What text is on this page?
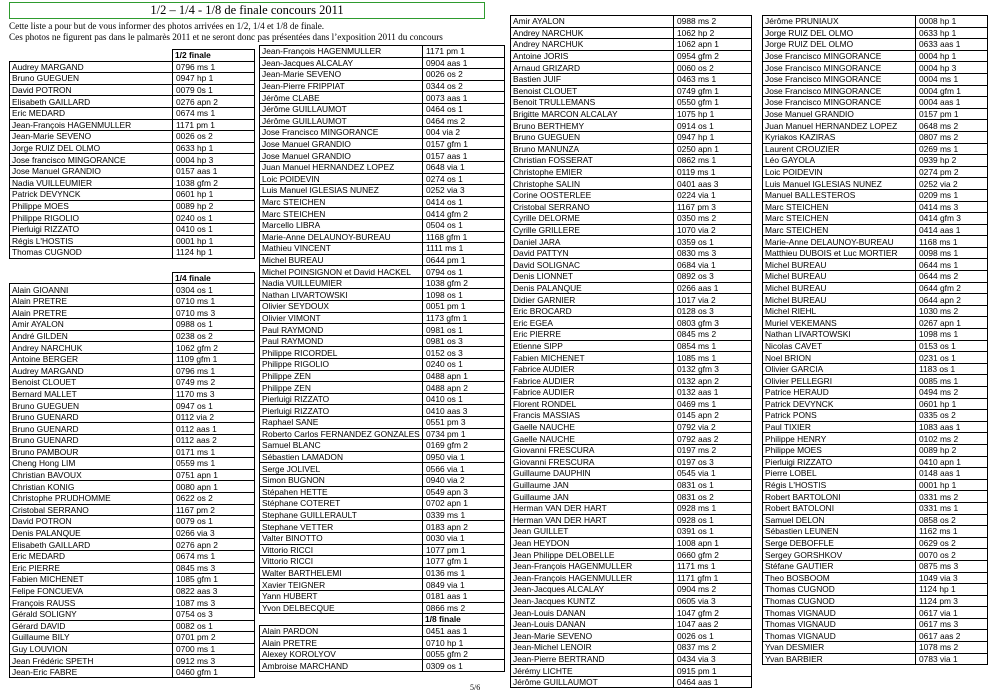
1/2 – 1/4 - 1/8 de finale concours 2011
Cette liste a pour but de vous informer des photos arrivées en 1/2, 1/4 et 1/8 de finale.
Ces photos ne figurent pas dans le palmarès 2011 et ne seront donc pas présentées dans l’exposition 2011 du concours
	1/2 finale
Audrey MARGAND	0796 ms 1
Bruno GUEGUEN	0947 hp 1
David POTRON	0079 0s 1
Elisabeth GAILLARD	0276 apn 2
Eric MEDARD	0674 ms 1
Jean-François HAGENMULLER	1171 pm 1
Jean-Marie SEVENO	0026 os 2
Jorge RUIZ DEL OLMO	0633 hp 1
Jose francisco MINGORANCE	0004 hp 3
Jose Manuel GRANDIO	0157 aas 1
Nadia VUILLEUMIER	1038 gfm 2
Patrick DEVYNCK	0601 hp 1
Philippe MOES	0089 hp 2
Philippe RIGOLIO	0240 os 1
Pierluigi RIZZATO	0410 os 1
Régis L'HOSTIS	0001 hp 1
Thomas CUGNOD	1124 hp 1
	1/4 finale
Alain GIOANNI	0304 os 1
Alain PRETRE	0710 ms 1
Alain PRETRE	0710 ms 3
Amir AYALON	0988 os 1
André GILDEN	0238 os 2
Andrey NARCHUK	1062 gfm 2
Antoine BERGER	1109 gfm 1
Audrey MARGAND	0796 ms 1
Benoist CLOUET	0749 ms 2
Bernard MALLET	1170 ms 3
Bruno GUEGUEN	0947 os 1
Bruno GUENARD	0112 via 2
Bruno GUENARD	0112 aas 1
Bruno GUENARD	0112 aas 2
Bruno PAMBOUR	0171 ms 1
Cheng Hong LIM	0559 ms 1
Christian BAVOUX	0751 apn 1
Christian KONIG	0080 apn 1
Christophe PRUDHOMME	0622 os 2
Cristobal SERRANO	1167 pm 2
David POTRON	0079 os 1
Denis PALANQUE	0266 via 3
Elisabeth GAILLARD	0276 apn 2
Eric MEDARD	0674 ms 1
Eric PIERRE	0845 ms 3
Fabien MICHENET	1085 gfm 1
Felipe FONCUEVA	0822 aas 3
François RAUSS	1087 ms 3
Gérald SOLIGNY	0754 os 3
Gérard DAVID	0082 os 1
Guillaume BILY	0701 pm 2
Guy LOUVION	0700 ms 1
Jean Frédéric SPETH	0912 ms 3
Jean-Eric FABRE	0460 gfm 1
Jean-François HAGENMULLER	1171 pm 1
Jean-Jacques ALCALAY	0904 aas 1
Jean-Marie SEVENO	0026 os 2
Jean-Pierre FRIPPIAT	0344 os 2
Jérôme CLABE	0073 aas 1
Jérôme GUILLAUMOT	0464 os 1
Jérôme GUILLAUMOT	0464 ms 2
Jose Francisco MINGORANCE	004 via 2
Jose Manuel GRANDIO	0157 gfm 1
Jose Manuel GRANDIO	0157 aas 1
Juan Manuel HERNANDEZ LOPEZ	0648 via 1
Loic POIDEVIN	0274 os 1
Luis Manuel IGLESIAS NUNEZ	0252 via 3
Marc STEICHEN	0414 os 1
Marc STEICHEN	0414 gfm 2
Marcello LIBRA	0504 os 1
Marie-Anne DELAUNOY-BUREAU	1168 gfm 1
Mathieu VINCENT	1111 ms 1
Michel BUREAU	0644 pm 1
Michel POINSIGNON et David HACKEL	0794 os 1
Nadia VUILLEUMIER	1038 gfm 2
Nathan LIVARTOWSKI	1098 os 1
Olivier SEYDOUX	0051 pm 1
Olivier VIMONT	1173 gfm 1
Paul RAYMOND	0981 os 1
Paul RAYMOND	0981 os 3
Philippe RICORDEL	0152 os 3
Philippe RIGOLIO	0240 os 1
Philippe ZEN	0488 apn 1
Philippe ZEN	0488 apn 2
Pierluigi RIZZATO	0410 os 1
Pierluigi RIZZATO	0410 aas 3
Raphael SANE	0551 pm 3
Roberto Carlos FERNANDEZ GONZALES	0734 pm 1
Samuel BLANC	0169 gfm 2
Sébastien LAMADON	0950 via 1
Serge JOLIVEL	0566 via 1
Simon BUGNON	0940 via 2
Stépahen HETTE	0549 apn 3
Stéphane COTERET	0702 apn 1
Stephane GUILLERAULT	0339 ms 1
Stephane VETTER	0183 apn 2
Valter BINOTTO	0030 via 1
Vittorio RICCI	1077 pm 1
Vittorio RICCI	1077 gfm 1
Walter BARTHELEMI	0136 ms 1
Xavier TEIGNER	0849 via 1
Yann HUBERT	0181 aas 1
Yvon DELBECQUE	0866 ms 2
	1/8 finale
Alain PARDON	0451 aas 1
Alain PRETRE	0710 hp 1
Alexey KOROLYOV	0055 gfm 2
Ambroise MARCHAND	0309 os 1
Amir AYALON	0988 ms 2
Andrey NARCHUK	1062 hp 2
Andrey NARCHUK	1062 apn 1
Antoine JORIS	0954 gfm 2
Arnaud GRIZARD	0060 os 2
Bastien JUIF	0463 ms 1
Benoist CLOUET	0749 gfm 1
Benoit TRULLEMANS	0550 gfm 1
Brigitte MARCON ALCALAY	1075 hp 1
Bruno BERTHEMY	0914 os 1
Bruno GUEGUEN	0947 hp 1
Bruno MANUNZA	0250 apn 1
Christian FOSSERAT	0862 ms 1
Christophe EMIER	0119 ms 1
Christophe SALIN	0401 aas 3
Corine OOSTERLEE	0224 via 1
Cristobal SERRANO	1167 pm 3
Cyrille DELORME	0350 ms 2
Cyrille GRILLERE	1070 via 2
Daniel JARA	0359 os 1
David PATTYN	0830 ms 3
David SOLIGNAC	0684 via 1
Denis LIONNET	0892 os 3
Denis PALANQUE	0266 aas 1
Didier GARNIER	1017 via 2
Eric BROCARD	0128 os 3
Eric EGEA	0803 gfm 3
Eric PIERRE	0845 ms 2
Etienne SIPP	0854 ms 1
Fabien MICHENET	1085 ms 1
Fabrice AUDIER	0132 gfm 3
Fabrice AUDIER	0132 apn 2
Fabrice AUDIER	0132 aas 1
Florent RONDEL	0469 ms 1
Francis MASSIAS	0145 apn 2
Gaelle NAUCHE	0792 via 2
Gaelle NAUCHE	0792 aas 2
Giovanni FRESCURA	0197 ms 2
Giovanni FRESCURA	0197 os 3
Guillaume DAUPHIN	0545 via 1
Guillaume JAN	0831 os 1
Guillaume JAN	0831 os 2
Herman VAN DER HART	0928 ms 1
Herman VAN DER HART	0928 os 1
Jean GUILLET	0391 os 1
Jean HEYDON	1008 apn 1
Jean Philippe DELOBELLE	0660 gfm 2
Jean-François HAGENMULLER	1171 ms 1
Jean-François HAGENMULLER	1171 gfm 1
Jean-Jacques ALCALAY	0904 ms 2
Jean-Jacques KUNTZ	0605 via 3
Jean-Louis DANAN	1047 gfm 2
Jean-Louis DANAN	1047 aas 2
Jean-Marie SEVENO	0026 os 1
Jean-Michel LENOIR	0837 ms 2
Jean-Pierre BERTRAND	0434 via 3
Jérémy LICHTE	0915 pm 1
Jérôme GUILLAUMOT	0464 aas 1
Jérôme PRUNIAUX	0008 hp 1
Jorge RUIZ DEL OLMO	0633 hp 1
Jorge RUIZ DEL OLMO	0633 aas 1
Jose Francisco MINGORANCE	0004 hp 1
Jose Francisco MINGORANCE	0004 hp 3
Jose Francisco MINGORANCE	0004 ms 1
Jose Francisco MINGORANCE	0004 gfm 1
Jose Francisco MINGORANCE	0004 aas 1
Jose Manuel GRANDIO	0157 pm 1
Juan Manuel HERNANDEZ LOPEZ	0648 ms 2
Kyriakos KAZIRAS	0807 ms 2
Laurent CROUZIER	0269 ms 1
Léo GAYOLA	0939 hp 2
Loic POIDEVIN	0274 pm 2
Luis Manuel IGLESIAS NUNEZ	0252 via 2
Manuel BALLESTEROS	0209 ms 1
Marc STEICHEN	0414 ms 3
Marc STEICHEN	0414 gfm 3
Marc STEICHEN	0414 aas 1
Marie-Anne DELAUNOY-BUREAU	1168 ms 1
Matthieu DUBOIS et Luc MORTIER	0098 ms 1
Michel BUREAU	0644 ms 1
Michel BUREAU	0644 ms 2
Michel BUREAU	0644 gfm 2
Michel BUREAU	0644 apn 2
Michel RIEHL	1030 ms 2
Muriel VEKEMANS	0267 apn 1
Nathan LIVARTOWSKI	1098 ms 1
Nicolas CAVET	0153 os 1
Noel BRION	0231 os 1
Olivier GARCIA	1183 os 1
Olivier PELLEGRI	0085 ms 1
Patrice HERAUD	0494 ms 2
Patrick DEVYNCK	0601 hp 1
Patrick PONS	0335 os 2
Paul TIXIER	1083 aas 1
Philippe HENRY	0102 ms 2
Philippe MOES	0089 hp 2
Pierluigi RIZZATO	0410 apn 1
Pierre LOBEL	0148 aas 1
Régis L'HOSTIS	0001 hp 1
Robert BARTOLONI	0331 ms 2
Robert BATOLONI	0331 ms 1
Samuel DELON	0858 os 2
Sébastien LEUNEN	1162 ms 1
Serge DEBOFFLE	0629 os 2
Sergey GORSHKOV	0070 os 2
Stéfane GAUTIER	0875 ms 3
Theo BOSBOOM	1049 via 3
Thomas CUGNOD	1124 hp 1
Thomas CUGNOD	1124 pm 3
Thomas VIGNAUD	0617 via 1
Thomas VIGNAUD	0617 ms 3
Thomas VIGNAUD	0617 aas 2
Yvan DESMIER	1078 ms 2
Yvan BARBIER	0783 via 1
5/6
